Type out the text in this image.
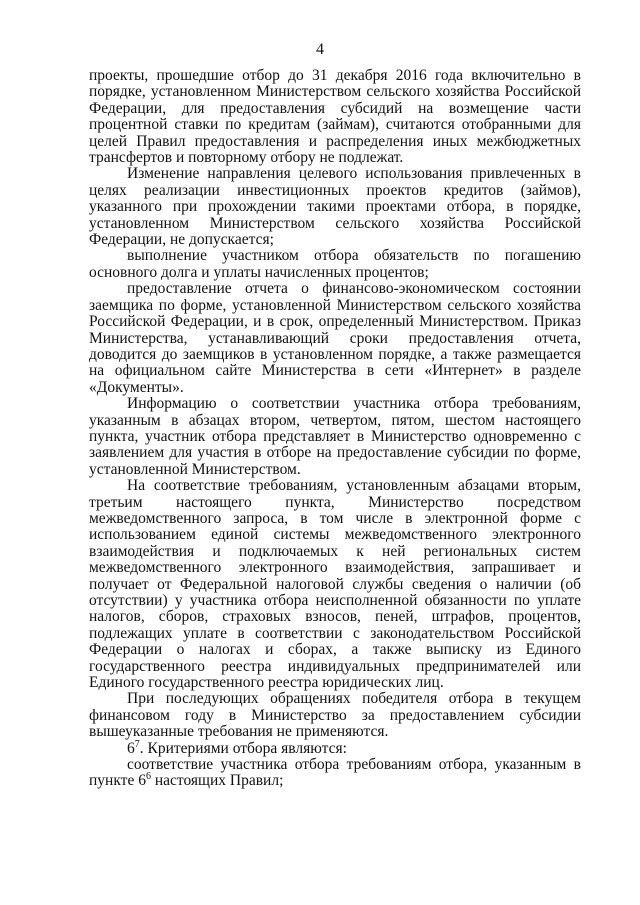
4

проекты, прошедшие отбор до 31 декабря 2016 года включительно в порядке, установленном Министерством сельского хозяйства Российской Федерации, для предоставления субсидий на возмещение части процентной ставки по кредитам (займам), считаются отобранными для целей Правил предоставления и распределения иных межбюджетных трансфертов и повторному отбору не подлежат.

Изменение направления целевого использования привлеченных в целях реализации инвестиционных проектов кредитов (займов), указанного при прохождении такими проектами отбора, в порядке, установленном Министерством сельского хозяйства Российской Федерации, не допускается;

выполнение участником отбора обязательств по погашению основного долга и уплаты начисленных процентов;

предоставление отчета о финансово-экономическом состоянии заемщика по форме, установленной Министерством сельского хозяйства Российской Федерации, и в срок, определенный Министерством. Приказ Министерства, устанавливающий сроки предоставления отчета, доводится до заемщиков в установленном порядке, а также размещается на официальном сайте Министерства в сети «Интернет» в разделе «Документы».

Информацию о соответствии участника отбора требованиям, указанным в абзацах втором, четвертом, пятом, шестом настоящего пункта, участник отбора представляет в Министерство одновременно с заявлением для участия в отборе на предоставление субсидии по форме, установленной Министерством.

На соответствие требованиям, установленным абзацами вторым, третьим настоящего пункта, Министерство посредством межведомственного запроса, в том числе в электронной форме с использованием единой системы межведомственного электронного взаимодействия и подключаемых к ней региональных систем межведомственного электронного взаимодействия, запрашивает и получает от Федеральной налоговой службы сведения о наличии (об отсутствии) у участника отбора неисполненной обязанности по уплате налогов, сборов, страховых взносов, пеней, штрафов, процентов, подлежащих уплате в соответствии с законодательством Российской Федерации о налогах и сборах, а также выписку из Единого государственного реестра индивидуальных предпринимателей или Единого государственного реестра юридических лиц.

При последующих обращениях победителя отбора в текущем финансовом году в Министерство за предоставлением субсидии вышеуказанные требования не применяются.

$6^7$. Критериями отбора являются:

соответствие участника отбора требованиям отбора, указанным в пункте $6^6$ настоящих Правил;
